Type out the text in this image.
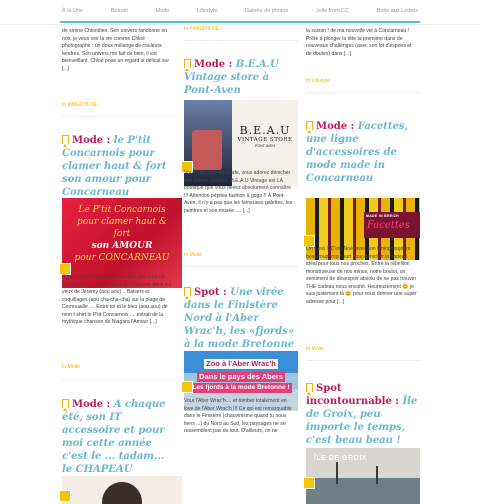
À la Une	Beauté	Mode	Lifestyle	Galerie de photos	Jolie from CC	Boite aux Lettres

de sirène Chloridien. Son univers randonne en noir, je veux voir la vie comme Chloé photographe : un doux mélange de couleurs tendres. Son univers me fait du bien, il est bienveillant. Chloé pose un regard si délicat sur [...]

In #IMGCHLOÉ

Mode : le P'tit Concarnois pour clamer haut & fort son amour pour Concarneau
Le P'tit Concarnois
pour clamer haut & fort
son AMOUR
pour CONCARNEAU

C'est l'amour à la plage (aou cha-cha-cha) de Concarneau.... Et les yeux de Charlotte dans les yeux de Jérémy (aou aou)... Baisers et coquillages (aou cha-cha-cha) sur la plage de Cornouaille .... Entre toi et le bleu (aou aou) de mon t-shirt le P'tit Concarnois .... extrait de la mythique chanson de Niagara l'Amour [...]

In Mode

Mode : A chaque été, son IT accessoire et pour moi cette année c'est le ... tadam... le CHAPEAU

In #IMGCHLOÉ

Mode : B.E.A.U Vintage store à Pont-Aven
B.E.A.U
VINTAGE STORE
PONT AVEN

Vous êtes fans de mode, vous adorez dénicher des pièces uniques, B.E.A.U Vintage est LA boutique que vous devez absolument connaître !!! Attention pépites fashion à gogo !! À Pont-Aven, il n'y a pas que les fameuses galettes, les peintres et son musée .... [...]

In Mode

Spot : Une virée dans le Finistère Nord à l'Aber Wrac'h, les «fjords» à la mode Bretonne
Zoo à l'Aber Wrac'h
Dans le pays des Abers
Les fjords à la mode Bretonne !

Vour l'Aber Wrac'h.... et tomber totalement en love de l'Aber Wrac'h !!! Ce qui est remarquable dans le Finistère (chauvinisme quand tu nous tiens ...) du Nord au Sud, les paysages ne se ressemblent pas du tout. D'ailleurs, on ne

la saison ! de ma nouvelle vie à Concarneau ! Prête à plonger la tête la première dans de nouveaux challenges (avec son lot d'espoirs et de doutes) dans [...]

In Lifestyle

Mode : Facettes, une ligne d'accessoires de mode made in Concarneau
MADE IN BREIZH
Facettes

On y est !! C'est Noël avec son timing toujours beaucoup trop court pour dénicher le cadeau idéal pour tous nos proches. Entre la rébellion monstrueuse de nos minus, notre boulot, un sentiment de désespoir absolu de ne pas trouver THE cadeau nous envahit. Heureusement 😊 je suis justement là 😊 pour vous donner une super adresse pour [...]

In Mode

Spot incontournable : Île de Groix, peu importe le temps, c'est beau beau !
ÎLE DE GROIX
